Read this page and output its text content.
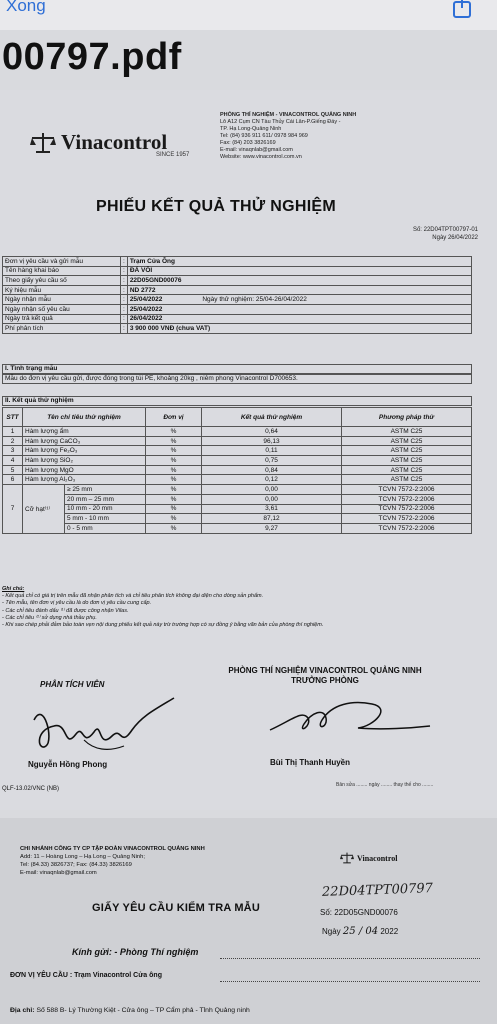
Xong
00797.pdf
Vinacontrol
SINCE 1957
PHÒNG THÍ NGHIỆM - VINACONTROL QUẢNG NINH
Lô A12 Cụm CN Tàu Thủy Cái Lân-P.Giếng Đáy -
TP. Hạ Long-Quảng Ninh
Tel: (84) 936 911 611/ 0978 984 969
Fax: (84) 203 3826169
E-mail: vinaqnlab@gmail.com
Website: www.vinacontrol.com.vn
PHIẾU KẾT QUẢ THỬ NGHIỆM
Số: 22D04TPT00797-01
Ngày 26/04/2022
Đơn vị yêu cầu và gửi mẫu	:	Trạm Cửa Ông
Tên hàng khai báo	:	ĐÁ VÔI
Theo giấy yêu cầu số	:	22D05GND00076
Ký hiệu mẫu	:	ND 2772
Ngày nhận mẫu	:	25/04/2022 Ngày thử nghiệm: 25/04-26/04/2022
Ngày nhận số yêu cầu	:	25/04/2022
Ngày trả kết quả	:	26/04/2022
Phí phân tích	:	3 900 000 VNĐ (chưa VAT)
I. Tình trạng mẫu
Mẫu do đơn vị yêu cầu gửi, được đóng trong túi PE, khoảng 20kg , niêm phong Vinacontrol D700653.
II. Kết quả thử nghiệm
STT	Tên chỉ tiêu thử nghiệm		Đơn vị	Kết quả thử nghiệm	Phương pháp thử
1	Hàm lượng ẩm		%	0,64	ASTM C25
2	Hàm lượng CaCO₃		%	96,13	ASTM C25
3	Hàm lượng Fe₂O₃		%	0,11	ASTM C25
4	Hàm lượng SiO₂		%	0,75	ASTM C25
5	Hàm lượng MgO		%	0,84	ASTM C25
6	Hàm lượng Al₂O₃		%	0,12	ASTM C25
7	Cỡ hạt⁽¹⁾	≥ 25 mm	%	0,00	TCVN 7572-2:2006
		20 mm – 25 mm	%	0,00	TCVN 7572-2:2006
		10 mm - 20 mm	%	3,61	TCVN 7572-2:2006
		5 mm - 10 mm	%	87,12	TCVN 7572-2:2006
		0 - 5 mm	%	9,27	TCVN 7572-2:2006
Ghi chú:
- Kết quả chỉ có giá trị trên mẫu đã nhận phân tích và chỉ tiêu phân tích không đại diện cho dòng sản phẩm.
- Tên mẫu, tên đơn vị yêu cầu là do đơn vị yêu cầu cung cấp.
- Các chỉ tiêu đánh dấu ⁽¹⁾ đã được công nhận Vilas.
- Các chỉ tiêu ⁽²⁾ sử dụng nhà thầu phụ.
- Khi sao chép phải đảm bảo toàn vẹn nội dung phiếu kết quả này trừ trường hợp có sự đồng ý bằng văn bản của phòng thí nghiệm.
PHÒNG THÍ NGHIỆM VINACONTROL QUẢNG NINH
TRƯỞNG PHÒNG
PHÂN TÍCH VIÊN
Nguyễn Hồng Phong	Bùi Thị Thanh Huyền
Bản sửa ........ ngày ........ thay thế cho ........
QLF-13.02/VNC (NB)
CHI NHÁNH CÔNG TY CP TẬP ĐOÀN VINACONTROL QUẢNG NINH
Add: 11 – Hoàng Long – Hạ Long – Quảng Ninh;
Tel: (84.33) 3826737; Fax: (84.33) 3826169
E-mail: vinaqnlab@gmail.com
Vinacontrol
22D04TPT00797
GIẤY YÊU CẦU KIỂM TRA MẪU	Số: 22D05GND00076
Ngày 25 / 04 2022
Kính gửi: - Phòng Thí nghiệm
ĐƠN VỊ YÊU CẦU : Trạm Vinacontrol Cửa ông
Địa chỉ: Số 588 B- Lý Thường Kiệt - Cửa ông – TP Cẩm phả - Tỉnh Quảng ninh
